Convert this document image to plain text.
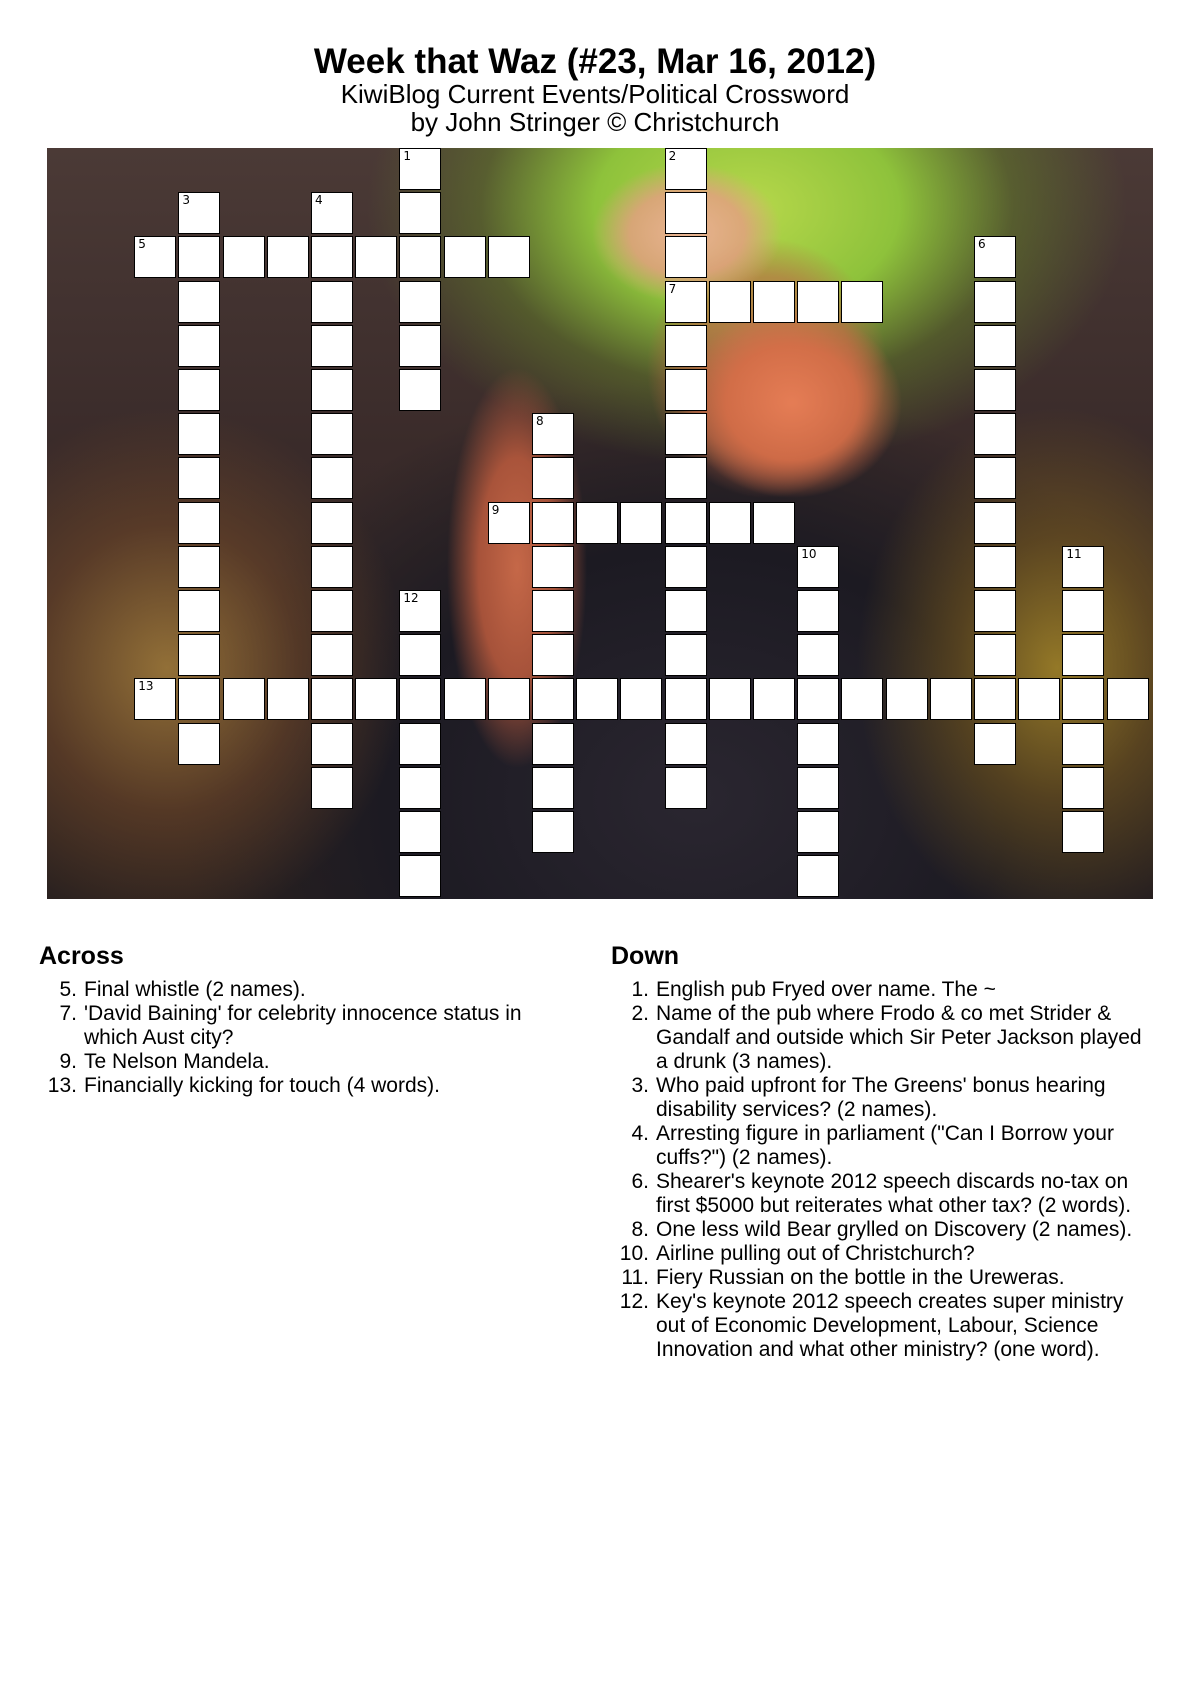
Week that Waz (#23, Mar 16, 2012)
KiwiBlog Current Events/Political Crossword
by John Stringer © Christchurch
1	2
7
3	4
5	6
8
9
10	11
12
13
Across
5. Final whistle (2 names).
7. 'David Baining' for celebrity innocence status in which Aust city?
9. Te Nelson Mandela.
13. Financially kicking for touch (4 words).
Down
1. English pub Fryed over name. The ~
2. Name of the pub where Frodo & co met Strider & Gandalf and outside which Sir Peter Jackson played a drunk (3 names).
3. Who paid upfront for The Greens' bonus hearing disability services? (2 names).
4. Arresting figure in parliament ("Can I Borrow your cuffs?") (2 names).
6. Shearer's keynote 2012 speech discards no-tax on first $5000 but reiterates what other tax? (2 words).
8. One less wild Bear grylled on Discovery (2 names).
10. Airline pulling out of Christchurch?
11. Fiery Russian on the bottle in the Ureweras.
12. Key's keynote 2012 speech creates super ministry out of Economic Development, Labour, Science Innovation and what other ministry? (one word).
